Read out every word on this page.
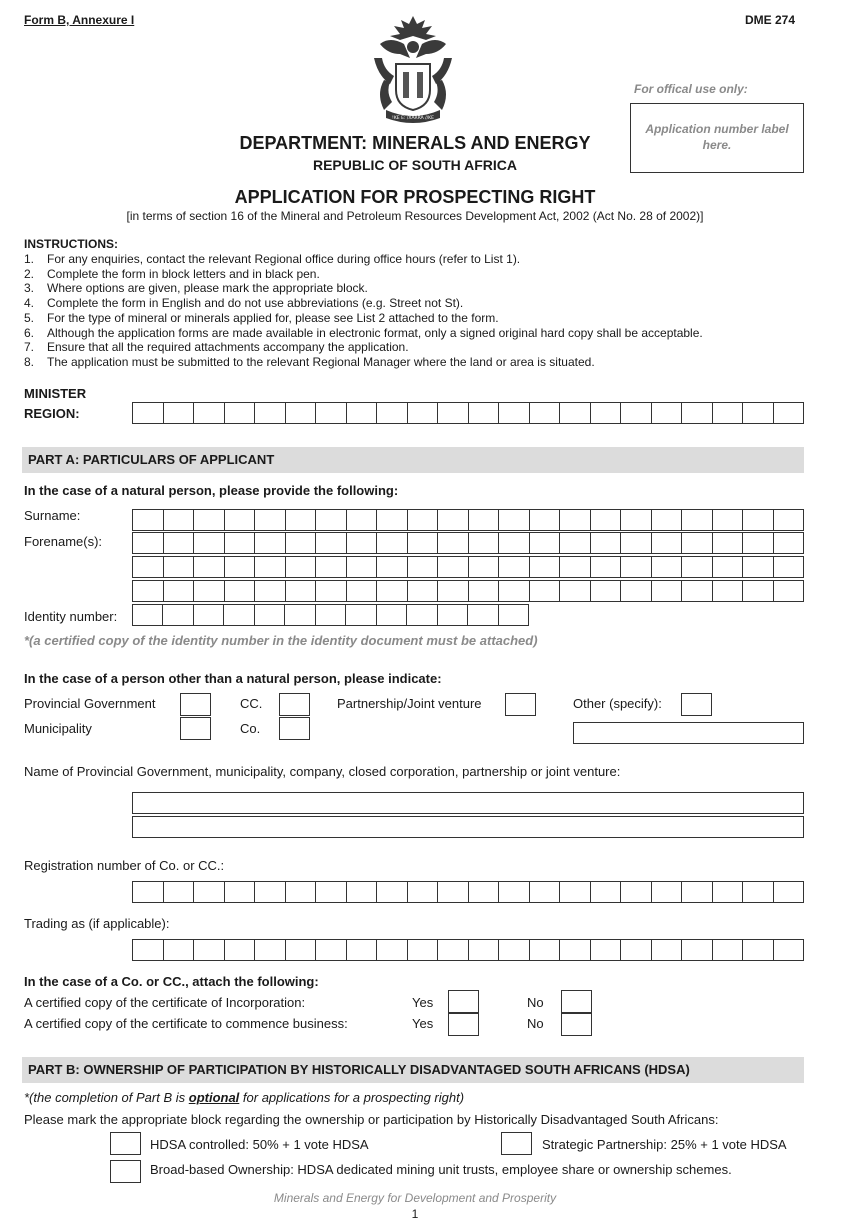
Form B, Annexure I	DME 274
!KE E: /XARRA //KE
For offical use only:
Application number label here.
DEPARTMENT: MINERALS AND ENERGY
REPUBLIC OF SOUTH AFRICA
APPLICATION FOR PROSPECTING RIGHT
[in terms of section 16 of the Mineral and Petroleum Resources Development Act, 2002 (Act No. 28 of 2002)]
INSTRUCTIONS:
1.	For any enquiries, contact the relevant Regional office during office hours (refer to List 1).
2.	Complete the form in block letters and in black pen.
3.	Where options are given, please mark the appropriate block.
4.	Complete the form in English and do not use abbreviations (e.g. Street not St).
5.	For the type of mineral or minerals applied for, please see List 2 attached to the form.
6.	Although the application forms are made available in electronic format, only a signed original hard copy shall be acceptable.
7.	Ensure that all the required attachments accompany the application.
8.	The application must be submitted to the relevant Regional Manager where the land or area is situated.
MINISTER
REGION:
PART A: PARTICULARS OF APPLICANT
In the case of a natural person, please provide the following:
Surname:
Forename(s):
Identity number:
*(a certified copy of the identity number in the identity document must be attached)
In the case of a person other than a natural person, please indicate:
Provincial Government	CC.	Partnership/Joint venture	Other (specify):
Municipality	Co.
Name of Provincial Government, municipality, company, closed corporation, partnership or joint venture:
Registration number of Co. or CC.:
Trading as (if applicable):
In the case of a Co. or CC., attach the following:
A certified copy of the certificate of Incorporation:	Yes	No
A certified copy of the certificate to commence business:	Yes	No
PART B: OWNERSHIP OF PARTICIPATION BY HISTORICALLY DISADVANTAGED SOUTH AFRICANS (HDSA)
*(the completion of Part B is optional for applications for a prospecting right)
Please mark the appropriate block regarding the ownership or participation by Historically Disadvantaged South Africans:
HDSA controlled: 50% + 1 vote HDSA	Strategic Partnership: 25% + 1 vote HDSA
Broad-based Ownership: HDSA dedicated mining unit trusts, employee share or ownership schemes.
Minerals and Energy for Development and Prosperity
1
